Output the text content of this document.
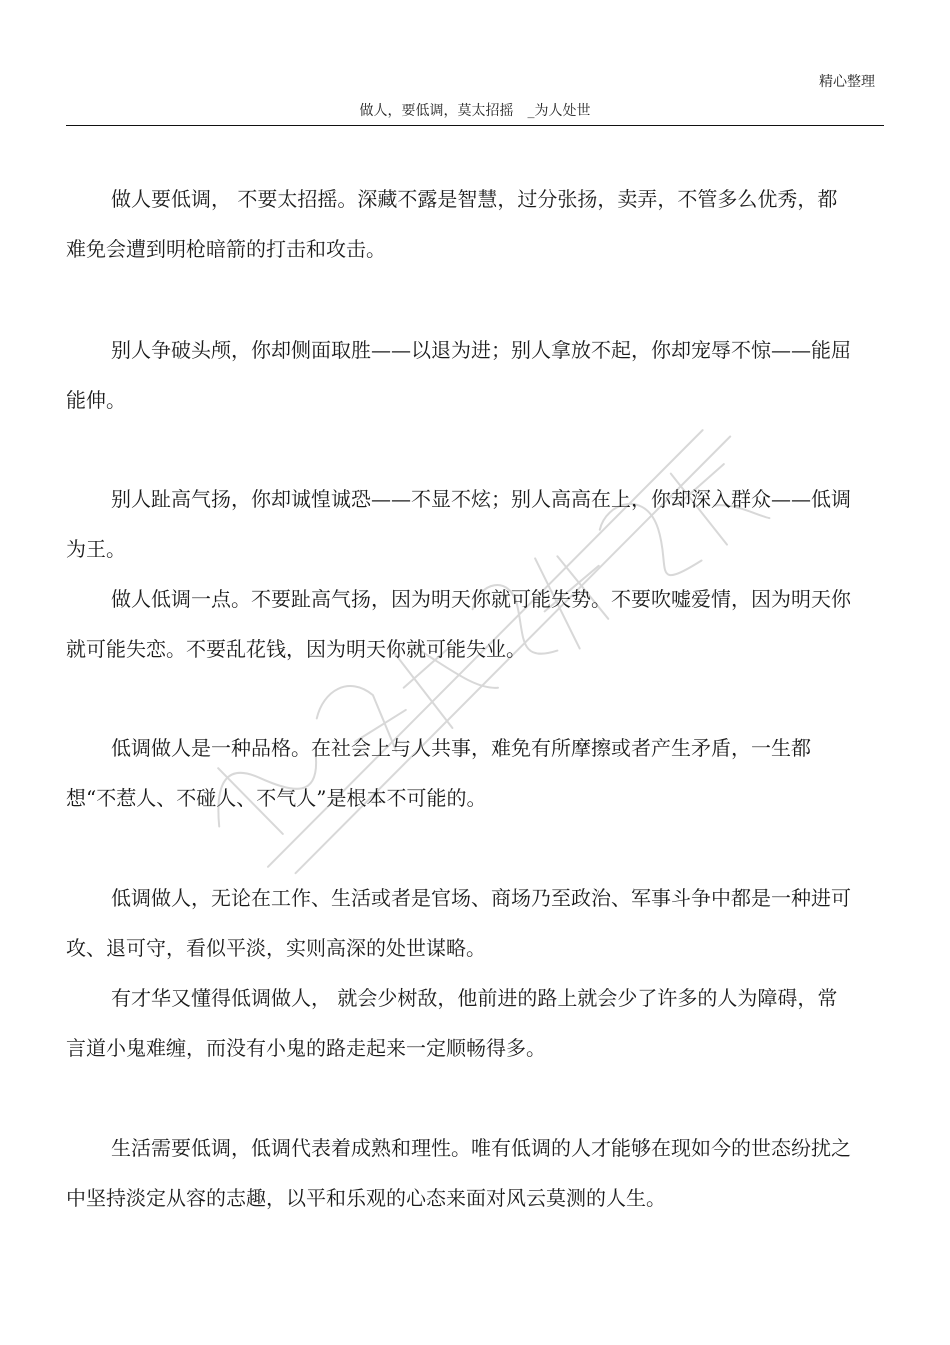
精心整理
做人，要低调，莫太招摇　_为人处世

做人要低调， 不要太招摇。深藏不露是智慧，过分张扬，卖弄，不管多么优秀，都难免会遭到明枪暗箭的打击和攻击。

别人争破头颅，你却侧面取胜——以退为进；别人拿放不起，你却宠辱不惊——能屈能伸。

别人趾高气扬，你却诚惶诚恐——不显不炫；别人高高在上，你却深入群众——低调为王。

做人低调一点。不要趾高气扬，因为明天你就可能失势。不要吹嘘爱情，因为明天你就可能失恋。不要乱花钱，因为明天你就可能失业。

低调做人是一种品格。在社会上与人共事，难免有所摩擦或者产生矛盾，一生都想“不惹人、不碰人、不气人”是根本不可能的。

低调做人，无论在工作、生活或者是官场、商场乃至政治、军事斗争中都是一种进可攻、退可守，看似平淡，实则高深的处世谋略。

有才华又懂得低调做人， 就会少树敌，他前进的路上就会少了许多的人为障碍，常言道小鬼难缠，而没有小鬼的路走起来一定顺畅得多。

生活需要低调，低调代表着成熟和理性。唯有低调的人才能够在现如今的世态纷扰之中坚持淡定从容的志趣，以平和乐观的心态来面对风云莫测的人生。
